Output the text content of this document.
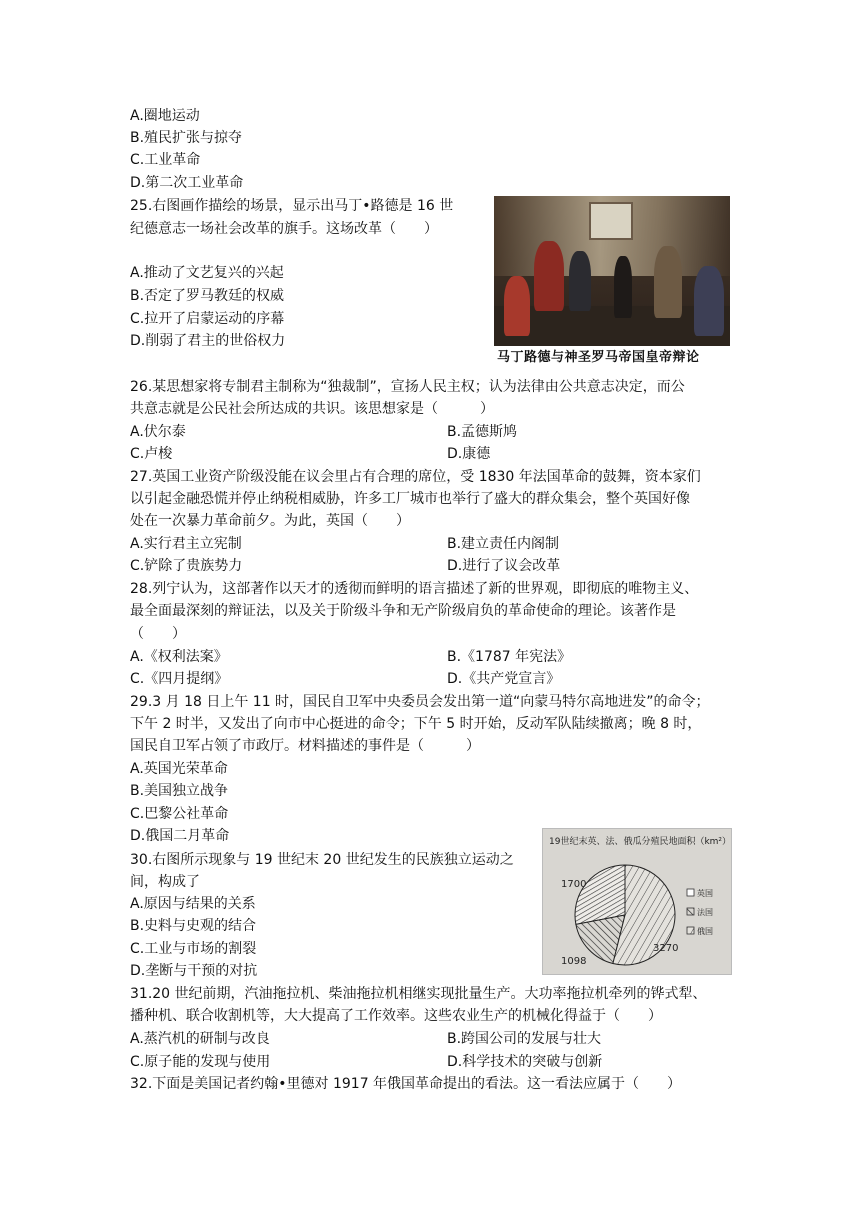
A.圈地运动
B.殖民扩张与掠夺
C.工业革命
D.第二次工业革命
25.右图画作描绘的场景，显示出马丁•路德是 16 世
纪德意志一场社会改革的旗手。这场改革（　　）
A.推动了文艺复兴的兴起
B.否定了罗马教廷的权威
C.拉开了启蒙运动的序幕
D.削弱了君主的世俗权力
马丁路德与神圣罗马帝国皇帝辩论
26.某思想家将专制君主制称为“独裁制”，宣扬人民主权；认为法律由公共意志决定，而公
共意志就是公民社会所达成的共识。该思想家是（　　　）
A.伏尔泰	B.孟德斯鸠
C.卢梭	D.康德
27.英国工业资产阶级没能在议会里占有合理的席位，受 1830 年法国革命的鼓舞，资本家们
以引起金融恐慌并停止纳税相威胁，许多工厂城市也举行了盛大的群众集会，整个英国好像
处在一次暴力革命前夕。为此，英国（　　）
A.实行君主立宪制	B.建立责任内阁制
C.铲除了贵族势力	D.进行了议会改革
28.列宁认为，这部著作以天才的透彻而鲜明的语言描述了新的世界观，即彻底的唯物主义、
最全面最深刻的辩证法，以及关于阶级斗争和无产阶级肩负的革命使命的理论。该著作是
（　　）
A.《权利法案》	B.《1787 年宪法》
C.《四月提纲》	D.《共产党宣言》
29.3 月 18 日上午 11 时，国民自卫军中央委员会发出第一道“向蒙马特尔高地进发”的命令；
下午 2 时半，又发出了向市中心挺进的命令；下午 5 时开始，反动军队陆续撤离；晚 8 时，
国民自卫军占领了市政厅。材料描述的事件是（　　　）
A.英国光荣革命
B.美国独立战争
C.巴黎公社革命
D.俄国二月革命
30.右图所示现象与 19 世纪末 20 世纪发生的民族独立运动之
间，构成了
A.原因与结果的关系
B.史料与史观的结合
C.工业与市场的割裂
D.垄断与干预的对抗
19世纪末英、法、俄瓜分殖民地面积（km²）
1700
1098
3270
英国
法国
俄国
31.20 世纪前期，汽油拖拉机、柴油拖拉机相继实现批量生产。大功率拖拉机牵列的铧式犁、
播种机、联合收割机等，大大提高了工作效率。这些农业生产的机械化得益于（　　）
A.蒸汽机的研制与改良	B.跨国公司的发展与壮大
C.原子能的发现与使用	D.科学技术的突破与创新
32.下面是美国记者约翰•里德对 1917 年俄国革命提出的看法。这一看法应属于（　　）
